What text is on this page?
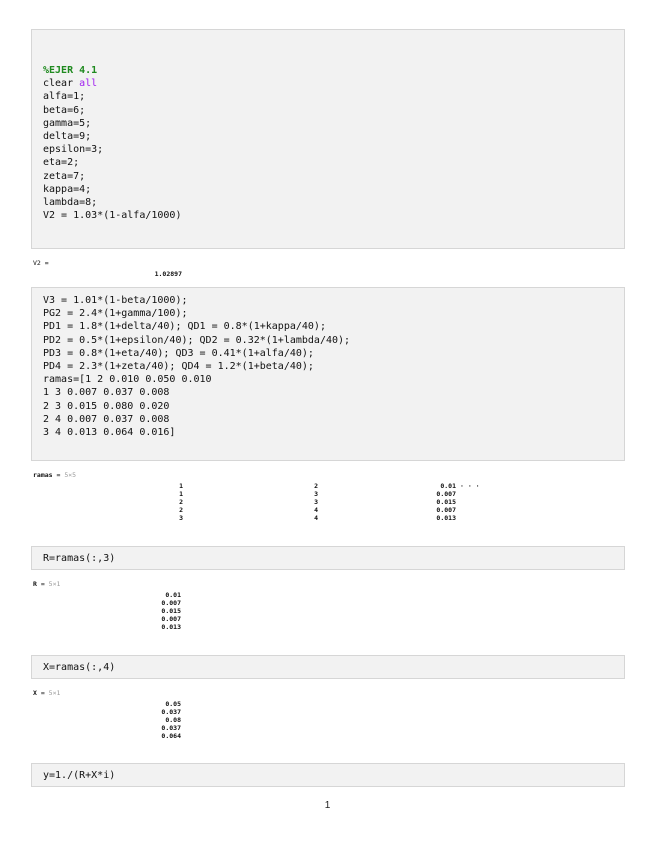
%EJER 4.1
clear all
alfa=1;
beta=6;
gamma=5;
delta=9;
epsilon=3;
eta=2;
zeta=7;
kappa=4;
lambda=8;
V2 = 1.03*(1-alfa/1000)
V2 =
1.02897
V3 = 1.01*(1-beta/1000);
PG2 = 2.4*(1+gamma/100);
PD1 = 1.8*(1+delta/40); QD1 = 0.8*(1+kappa/40);
PD2 = 0.5*(1+epsilon/40); QD2 = 0.32*(1+lambda/40);
PD3 = 0.8*(1+eta/40); QD3 = 0.41*(1+alfa/40);
PD4 = 2.3*(1+zeta/40); QD4 = 1.2*(1+beta/40);
ramas=[1 2 0.010 0.050 0.010
1 3 0.007 0.037 0.008
2 3 0.015 0.080 0.020
2 4 0.007 0.037 0.008
3 4 0.013 0.064 0.016]
ramas = 5×5
1
1
2
2
3
2
3
3
4
4
0.01
0.007
0.015
0.007
0.013
· · ·
R=ramas(:,3)
R = 5×1
0.01
0.007
0.015
0.007
0.013
X=ramas(:,4)
X = 5×1
0.05
0.037
0.08
0.037
0.064
y=1./(R+X*i)
1
